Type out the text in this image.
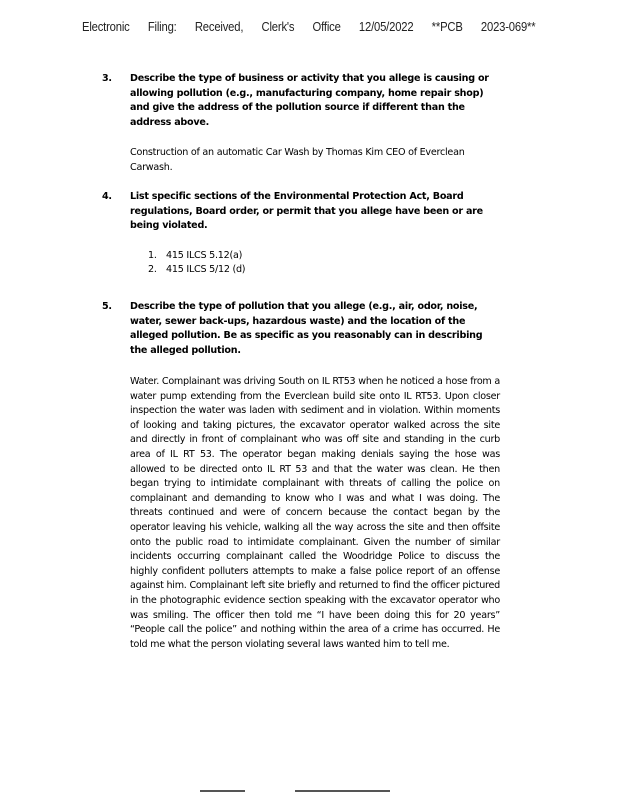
Electronic Filing: Received, Clerk's Office 12/05/2022 **PCB 2023-069**
3. Describe the type of business or activity that you allege is causing or allowing pollution (e.g., manufacturing company, home repair shop) and give the address of the pollution source if different than the address above.
Construction of an automatic Car Wash by Thomas Kim CEO of Everclean Carwash.
4. List specific sections of the Environmental Protection Act, Board regulations, Board order, or permit that you allege have been or are being violated.
1. 415 ILCS 5.12(a)
2. 415 ILCS 5/12 (d)
5. Describe the type of pollution that you allege (e.g., air, odor, noise, water, sewer back-ups, hazardous waste) and the location of the alleged pollution. Be as specific as you reasonably can in describing the alleged pollution.
Water. Complainant was driving South on IL RT53 when he noticed a hose from a water pump extending from the Everclean build site onto IL RT53. Upon closer inspection the water was laden with sediment and in violation. Within moments of looking and taking pictures, the excavator operator walked across the site and directly in front of complainant who was off site and standing in the curb area of IL RT 53. The operator began making denials saying the hose was allowed to be directed onto IL RT 53 and that the water was clean. He then began trying to intimidate complainant with threats of calling the police on complainant and demanding to know who I was and what I was doing. The threats continued and were of concern because the contact began by the operator leaving his vehicle, walking all the way across the site and then offsite onto the public road to intimidate complainant. Given the number of similar incidents occurring complainant called the Woodridge Police to discuss the highly confident polluters attempts to make a false police report of an offense against him. Complainant left site briefly and returned to find the officer pictured in the photographic evidence section speaking with the excavator operator who was smiling. The officer then told me “I have been doing this for 20 years” “People call the police” and nothing within the area of a crime has occurred. He told me what the person violating several laws wanted him to tell me.
